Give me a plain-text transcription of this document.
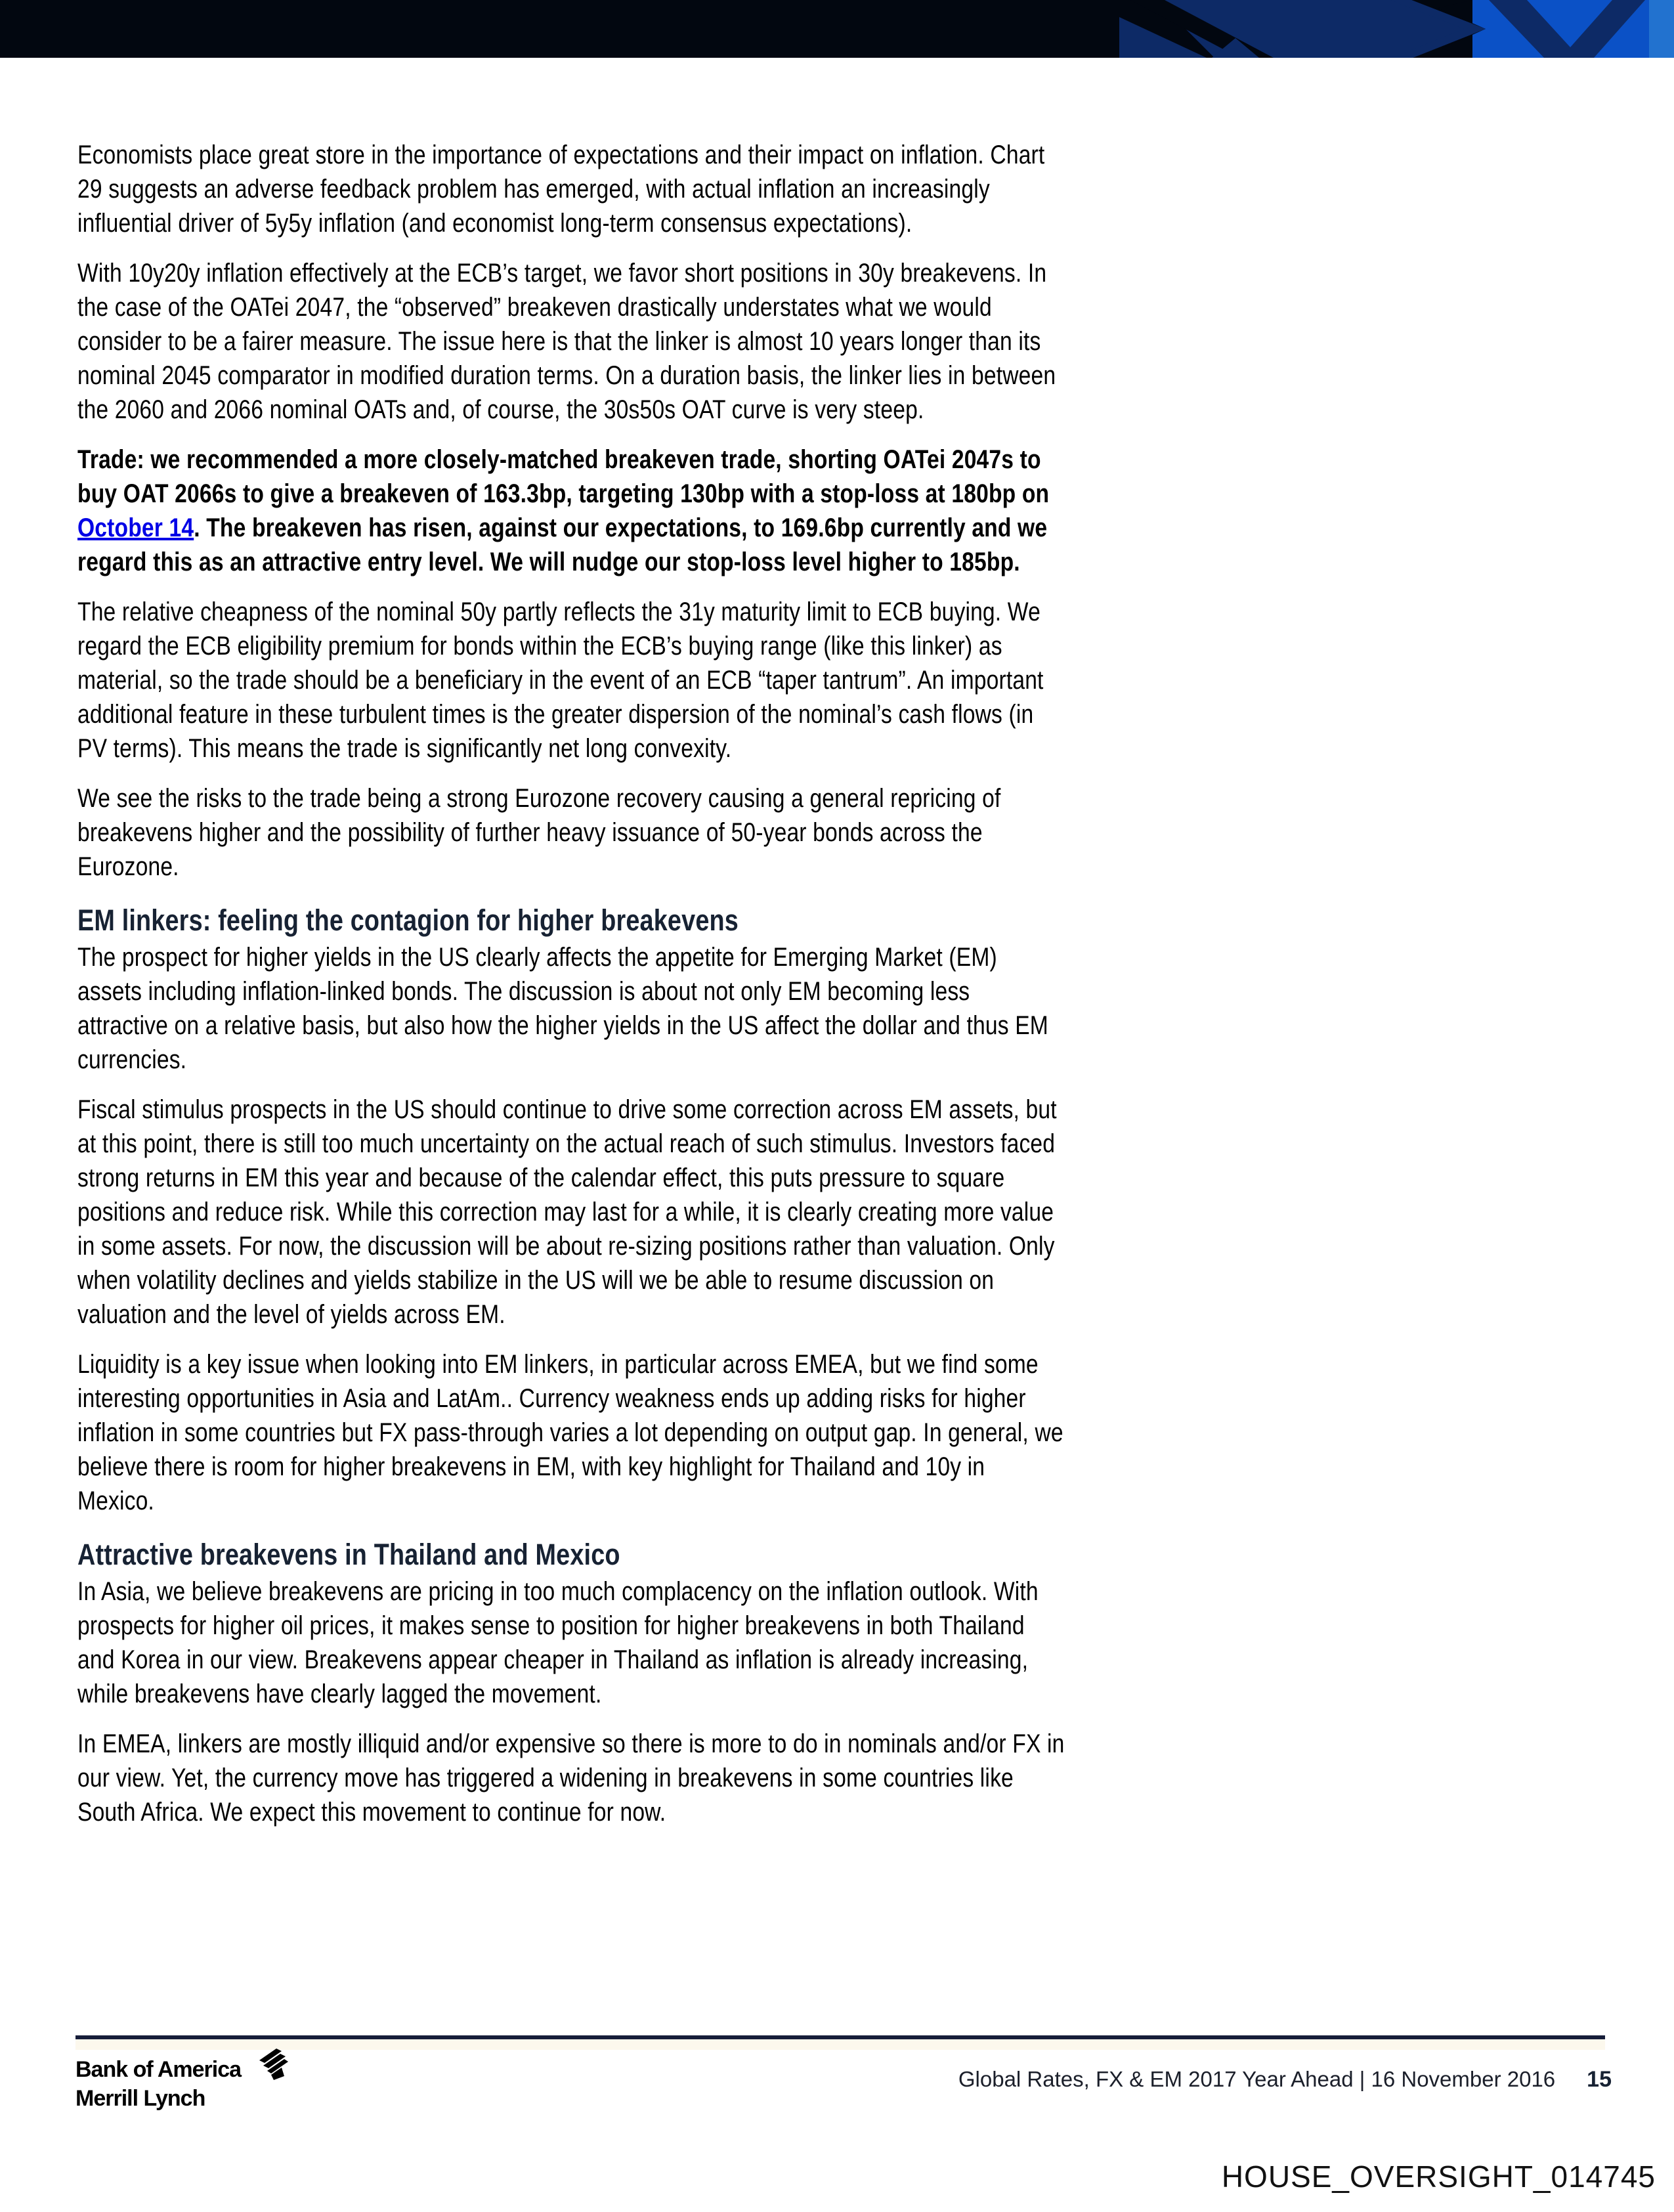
Economists place great store in the importance of expectations and their impact on inflation. Chart 29 suggests an adverse feedback problem has emerged, with actual inflation an increasingly influential driver of 5y5y inflation (and economist long-term consensus expectations).

With 10y20y inflation effectively at the ECB’s target, we favor short positions in 30y breakevens. In the case of the OATei 2047, the “observed” breakeven drastically understates what we would consider to be a fairer measure. The issue here is that the linker is almost 10 years longer than its nominal 2045 comparator in modified duration terms. On a duration basis, the linker lies in between the 2060 and 2066 nominal OATs and, of course, the 30s50s OAT curve is very steep.

Trade: we recommended a more closely-matched breakeven trade, shorting OATei 2047s to buy OAT 2066s to give a breakeven of 163.3bp, targeting 130bp with a stop-loss at 180bp on October 14. The breakeven has risen, against our expectations, to 169.6bp currently and we regard this as an attractive entry level. We will nudge our stop-loss level higher to 185bp.

The relative cheapness of the nominal 50y partly reflects the 31y maturity limit to ECB buying. We regard the ECB eligibility premium for bonds within the ECB’s buying range (like this linker) as material, so the trade should be a beneficiary in the event of an ECB “taper tantrum”. An important additional feature in these turbulent times is the greater dispersion of the nominal’s cash flows (in PV terms). This means the trade is significantly net long convexity.

We see the risks to the trade being a strong Eurozone recovery causing a general repricing of breakevens higher and the possibility of further heavy issuance of 50-year bonds across the Eurozone.

EM linkers: feeling the contagion for higher breakevens

The prospect for higher yields in the US clearly affects the appetite for Emerging Market (EM) assets including inflation-linked bonds. The discussion is about not only EM becoming less attractive on a relative basis, but also how the higher yields in the US affect the dollar and thus EM currencies.

Fiscal stimulus prospects in the US should continue to drive some correction across EM assets, but at this point, there is still too much uncertainty on the actual reach of such stimulus. Investors faced strong returns in EM this year and because of the calendar effect, this puts pressure to square positions and reduce risk. While this correction may last for a while, it is clearly creating more value in some assets. For now, the discussion will be about re-sizing positions rather than valuation. Only when volatility declines and yields stabilize in the US will we be able to resume discussion on valuation and the level of yields across EM.

Liquidity is a key issue when looking into EM linkers, in particular across EMEA, but we find some interesting opportunities in Asia and LatAm.. Currency weakness ends up adding risks for higher inflation in some countries but FX pass-through varies a lot depending on output gap. In general, we believe there is room for higher breakevens in EM, with key highlight for Thailand and 10y in Mexico.

Attractive breakevens in Thailand and Mexico

In Asia, we believe breakevens are pricing in too much complacency on the inflation outlook. With prospects for higher oil prices, it makes sense to position for higher breakevens in both Thailand and Korea in our view. Breakevens appear cheaper in Thailand as inflation is already increasing, while breakevens have clearly lagged the movement.

In EMEA, linkers are mostly illiquid and/or expensive so there is more to do in nominals and/or FX in our view. Yet, the currency move has triggered a widening in breakevens in some countries like South Africa. We expect this movement to continue for now.

Bank of America
Merrill Lynch
Global Rates, FX & EM 2017 Year Ahead | 16 November 2016 15
HOUSE_OVERSIGHT_014745
